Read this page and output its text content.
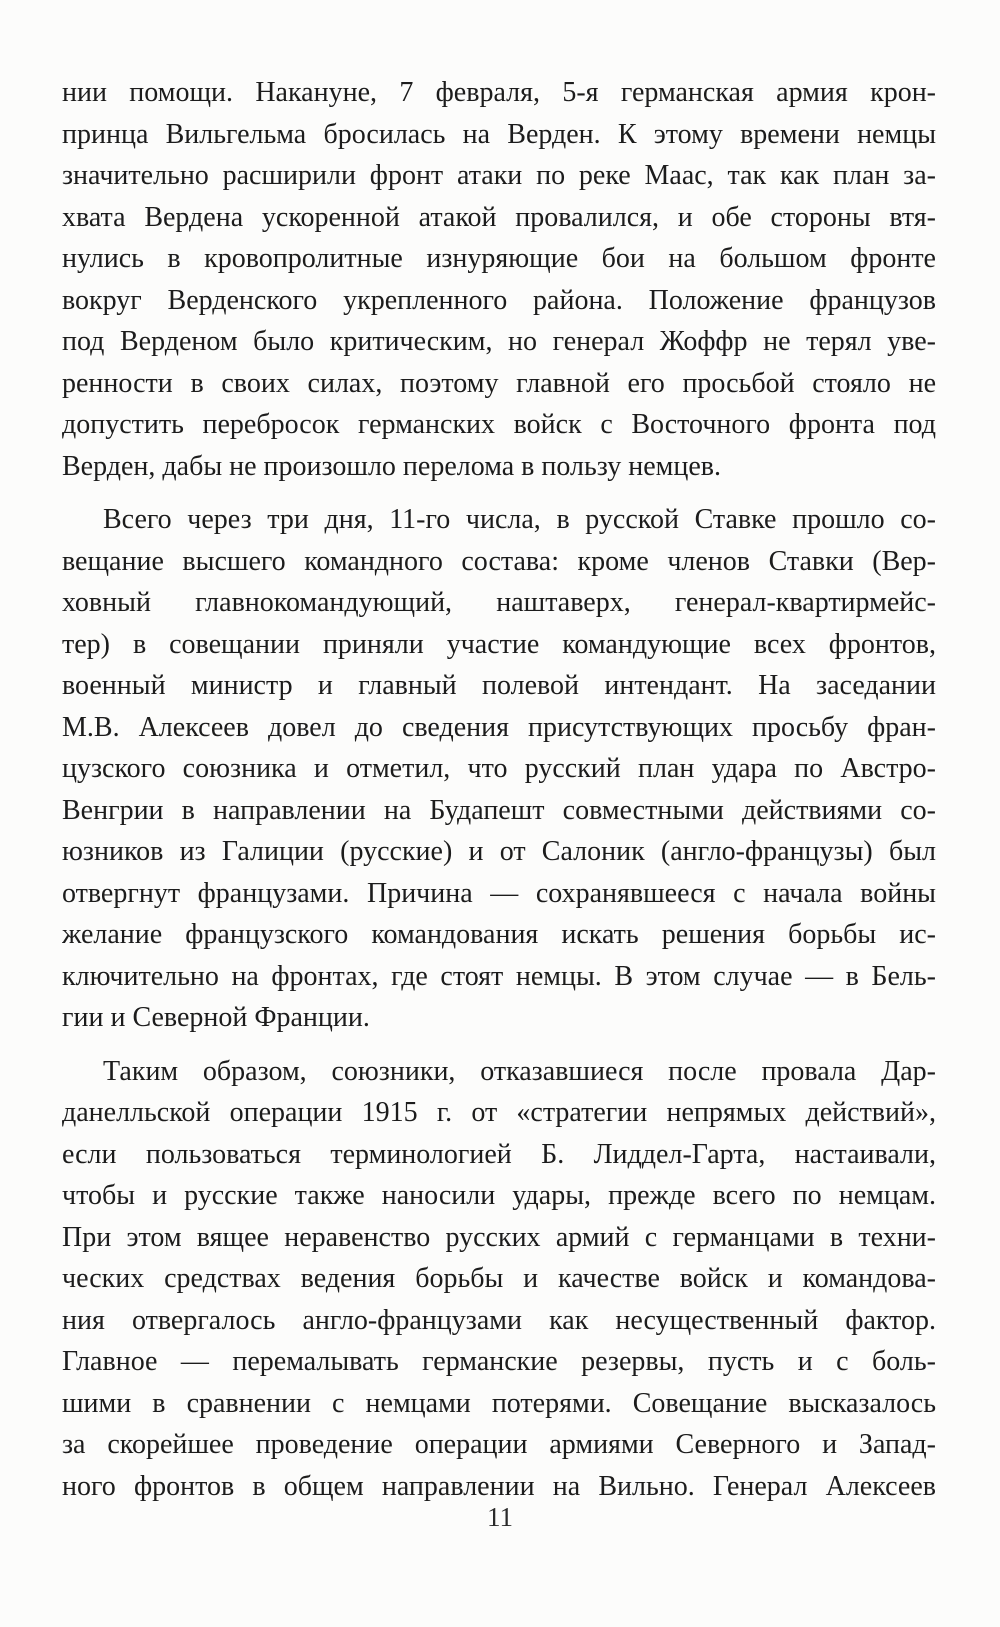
нии помощи. Накануне, 7 февраля, 5-я германская армия крон-
принца Вильгельма бросилась на Верден. К этому времени немцы
значительно расширили фронт атаки по реке Маас, так как план за-
хвата Вердена ускоренной атакой провалился, и обе стороны втя-
нулись в кровопролитные изнуряющие бои на большом фронте
вокруг Верденского укрепленного района. Положение французов
под Верденом было критическим, но генерал Жоффр не терял уве-
ренности в своих силах, поэтому главной его просьбой стояло не
допустить перебросок германских войск с Восточного фронта под
Верден, дабы не произошло перелома в пользу немцев.
Всего через три дня, 11-го числа, в русской Ставке прошло со-
вещание высшего командного состава: кроме членов Ставки (Вер-
ховный главнокомандующий, наштаверх, генерал-квартирмейс-
тер) в совещании приняли участие командующие всех фронтов,
военный министр и главный полевой интендант. На заседании
М.В. Алексеев довел до сведения присутствующих просьбу фран-
цузского союзника и отметил, что русский план удара по Австро-
Венгрии в направлении на Будапешт совместными действиями со-
юзников из Галиции (русские) и от Салоник (англо-французы) был
отвергнут французами. Причина — сохранявшееся с начала войны
желание французского командования искать решения борьбы ис-
ключительно на фронтах, где стоят немцы. В этом случае — в Бель-
гии и Северной Франции.
Таким образом, союзники, отказавшиеся после провала Дар-
данелльской операции 1915 г. от «стратегии непрямых действий»,
если пользоваться терминологией Б. Лиддел-Гарта, настаивали,
чтобы и русские также наносили удары, прежде всего по немцам.
При этом вящее неравенство русских армий с германцами в техни-
ческих средствах ведения борьбы и качестве войск и командова-
ния отвергалось англо-французами как несущественный фактор.
Главное — перемалывать германские резервы, пусть и с боль-
шими в сравнении с немцами потерями. Совещание высказалось
за скорейшее проведение операции армиями Северного и Запад-
ного фронтов в общем направлении на Вильно. Генерал Алексеев
11
